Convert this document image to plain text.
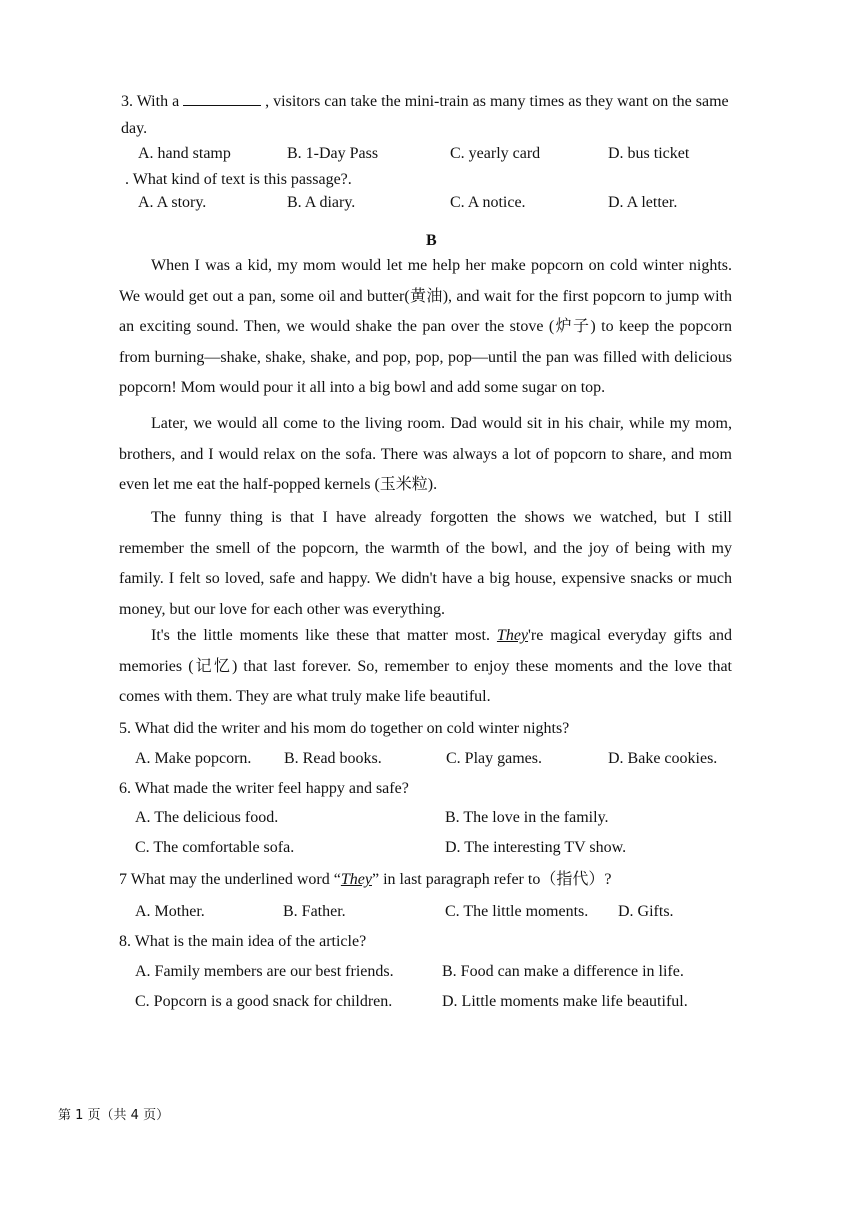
3. With a	, visitors can take the mini-train as many times as they want on the same
day.
A. hand stamp	B. 1-Day Pass	C. yearly card	D. bus ticket
. What kind of text is this passage?.
A. A story.	B. A diary.	C. A notice.	D. A letter.
B
When I was a kid, my mom would let me help her make popcorn on cold winter nights. We would get out a pan, some oil and butter(黄油), and wait for the first popcorn to jump with an exciting sound. Then, we would shake the pan over the stove (炉子) to keep the popcorn from burning—shake, shake, shake, and pop, pop, pop—until the pan was filled with delicious popcorn! Mom would pour it all into a big bowl and add some sugar on top.
Later, we would all come to the living room. Dad would sit in his chair, while my mom, brothers, and I would relax on the sofa. There was always a lot of popcorn to share, and mom even let me eat the half-popped kernels (玉米粒).
The funny thing is that I have already forgotten the shows we watched, but I still remember the smell of the popcorn, the warmth of the bowl, and the joy of being with my family. I felt so loved, safe and happy. We didn't have a big house, expensive snacks or much money, but our love for each other was everything.
It's the little moments like these that matter most. They're magical everyday gifts and memories (记忆) that last forever. So, remember to enjoy these moments and the love that comes with them. They are what truly make life beautiful.
5. What did the writer and his mom do together on cold winter nights?
A. Make popcorn. B. Read books.	C. Play games.	D. Bake cookies.
6. What made the writer feel happy and safe?
A. The delicious food.	B. The love in the family.
C. The comfortable sofa.	D. The interesting TV show.
7 What may the underlined word “They” in last paragraph refer to（指代）?
A. Mother.	B. Father.	C. The little moments. D. Gifts.
8. What is the main idea of the article?
A. Family members are our best friends.	B. Food can make a difference in life.
C. Popcorn is a good snack for children.	D. Little moments make life beautiful.
第 1 页（共 4 页）
